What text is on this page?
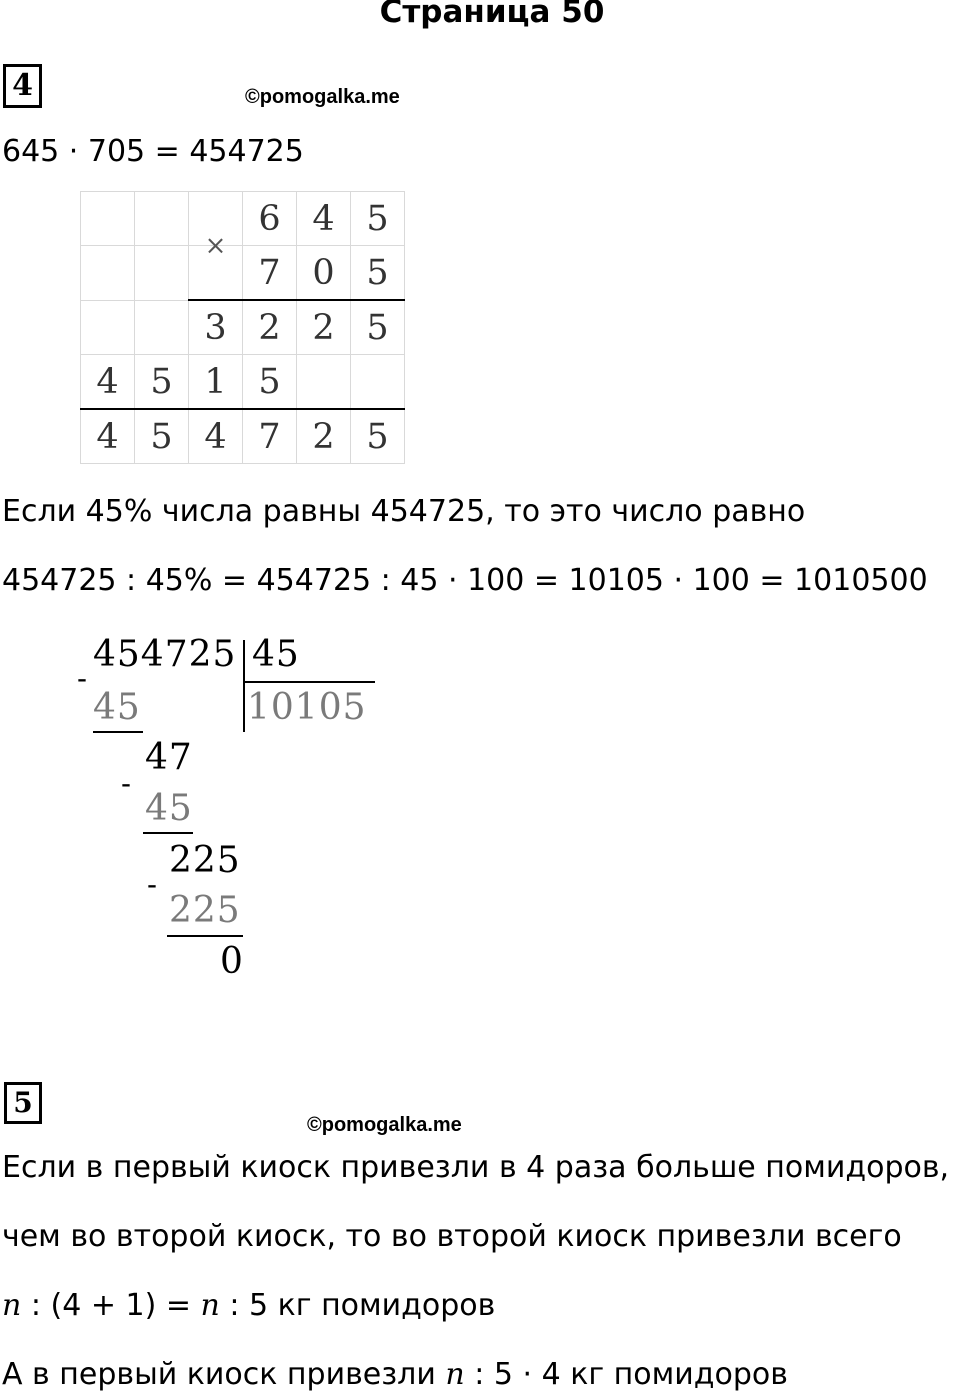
Страница 50
4	©pomogalka.me
645 · 705 = 454725
		$_\times$	6	4	5
			7	0	5
		3	2	2	5
4	5	1	5		
4	5	4	7	2	5
Если 45% числа равны 454725, то это число равно
454725 : 45% = 454725 : 45 · 100 = 10105 · 100 = 1010500
454725 45
10105
-
45
47
-
45
225
-
225
0
5
©pomogalka.me
Если в первый киоск привезли в 4 раза больше помидоров,
чем во второй киоск, то во второй киоск привезли всего
n : (4 + 1) = n : 5 кг помидоров
А в первый киоск привезли n : 5 · 4 кг помидоров
